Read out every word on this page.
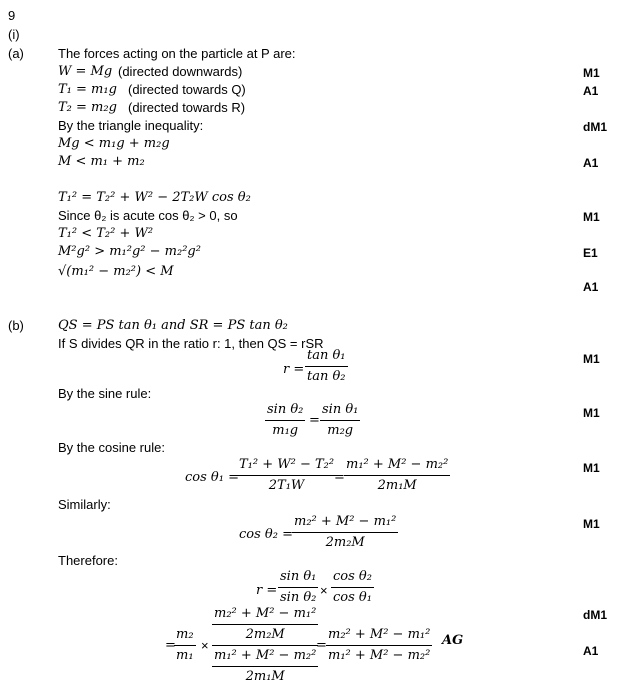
9
(i)
(a)	The forces acting on the particle at P are:
W = Mg (directed downwards)
T₁ = m₁g (directed towards Q)
T₂ = m₂g (directed towards R)
By the triangle inequality:
Mg < m₁g + m₂g
M < m₁ + m₂
T₁² = T₂² + W² − 2T₂W cos θ₂
Since θ₂ is acute cos θ₂ > 0, so
T₁² < T₂² + W²
M²g² > m₁²g² − m₂²g²
√(m₁² − m₂²) < M
(b)	QS = PS tan θ₁ and SR = PS tan θ₂
If S divides QR in the ratio r: 1, then QS = rSR
r =
tan θ₁
tan θ₂
By the sine rule:
sin θ₂
m₁g
=
sin θ₁
m₂g
By the cosine rule:
cos θ₁ =
T₁² + W² − T₂²
2T₁W
=
m₁² + M² − m₂²
2m₁M
Similarly:
cos θ₂ =
m₂² + M² − m₁²
2m₂M
Therefore:
r =
sin θ₁
sin θ₂ ×
cos θ₂
cos θ₁
=
m₂
m₁
×
m₂² + M² − m₁²
2m₂M
m₁² + M² − m₂²
2m₁M
=
m₂² + M² − m₁²
m₁² + M² − m₂²
AG
M1
A1
dM1
A1
M1
E1
A1
M1
M1
M1
M1
dM1
A1
